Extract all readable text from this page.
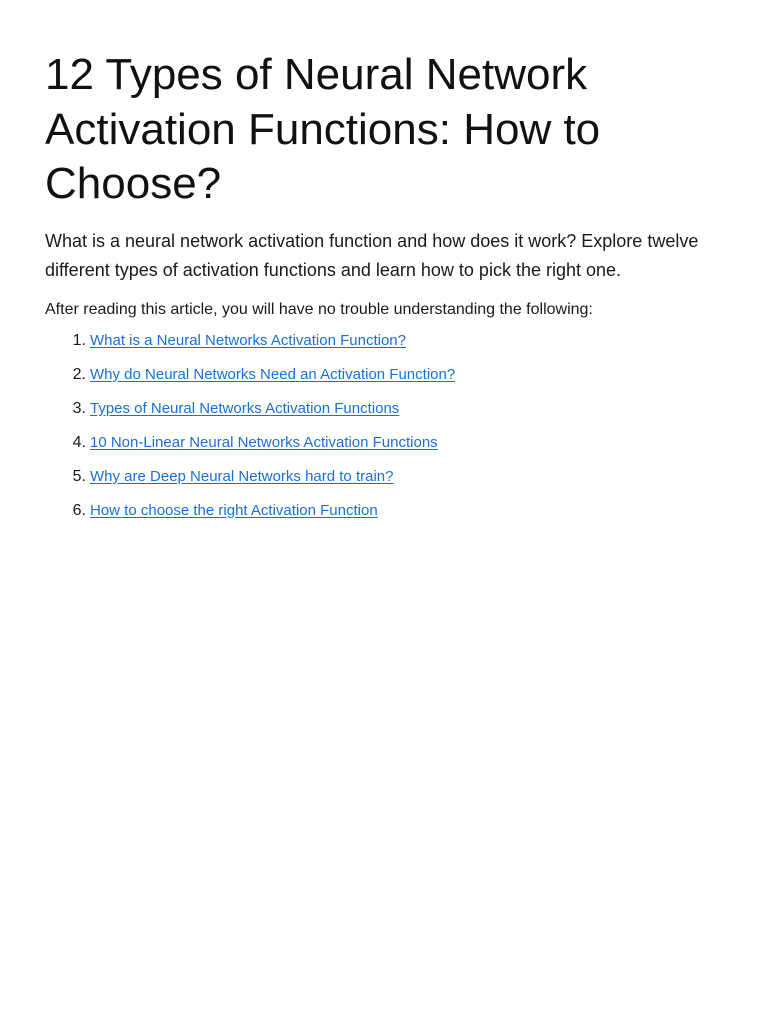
12 Types of Neural Network Activation Functions: How to Choose?

What is a neural network activation function and how does it work? Explore twelve different types of activation functions and learn how to pick the right one.

After reading this article, you will have no trouble understanding the following:

1. What is a Neural Networks Activation Function?
2. Why do Neural Networks Need an Activation Function?
3. Types of Neural Networks Activation Functions
4. 10 Non-Linear Neural Networks Activation Functions
5. Why are Deep Neural Networks hard to train?
6. How to choose the right Activation Function
